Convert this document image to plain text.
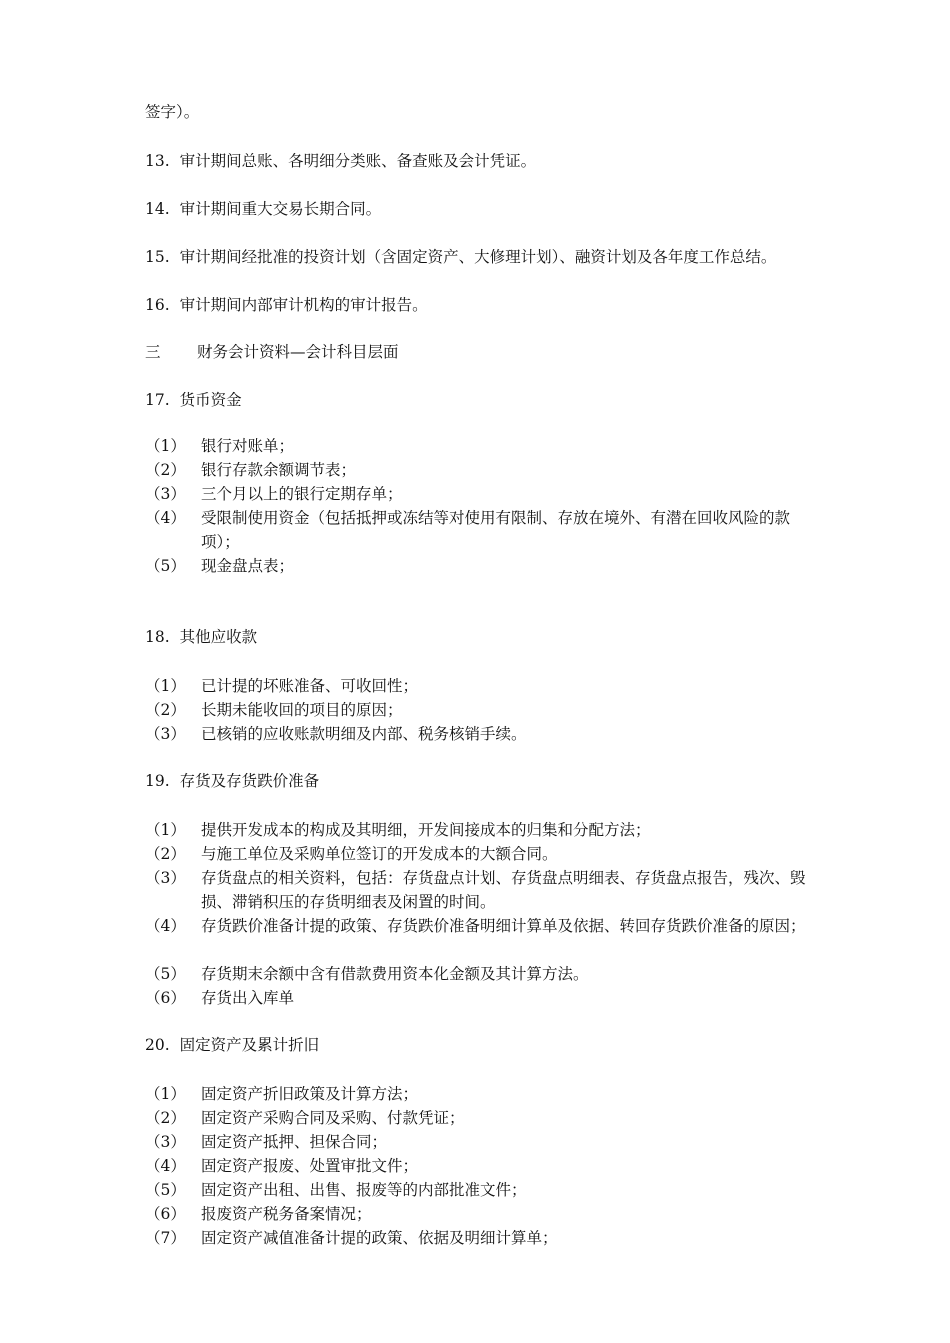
签字）。
13. 审计期间总账、各明细分类账、备查账及会计凭证。
14. 审计期间重大交易长期合同。
15. 审计期间经批准的投资计划（含固定资产、大修理计划）、融资计划及各年度工作总结。
16. 审计期间内部审计机构的审计报告。
三 财务会计资料—会计科目层面
17. 货币资金
（1） 银行对账单；
（2） 银行存款余额调节表；
（3） 三个月以上的银行定期存单；
（4） 受限制使用资金（包括抵押或冻结等对使用有限制、存放在境外、有潜在回收风险的款项）；
（5） 现金盘点表；
18. 其他应收款
（1） 已计提的坏账准备、可收回性；
（2） 长期未能收回的项目的原因；
（3） 已核销的应收账款明细及内部、税务核销手续。
19. 存货及存货跌价准备
（1） 提供开发成本的构成及其明细，开发间接成本的归集和分配方法；
（2） 与施工单位及采购单位签订的开发成本的大额合同。
（3） 存货盘点的相关资料，包括：存货盘点计划、存货盘点明细表、存货盘点报告，残次、毁损、滞销积压的存货明细表及闲置的时间。
（4） 存货跌价准备计提的政策、存货跌价准备明细计算单及依据、转回存货跌价准备的原因；
（5） 存货期末余额中含有借款费用资本化金额及其计算方法。
（6） 存货出入库单
20. 固定资产及累计折旧
（1） 固定资产折旧政策及计算方法；
（2） 固定资产采购合同及采购、付款凭证；
（3） 固定资产抵押、担保合同；
（4） 固定资产报废、处置审批文件；
（5） 固定资产出租、出售、报废等的内部批准文件；
（6） 报废资产税务备案情况；
（7） 固定资产减值准备计提的政策、依据及明细计算单；
